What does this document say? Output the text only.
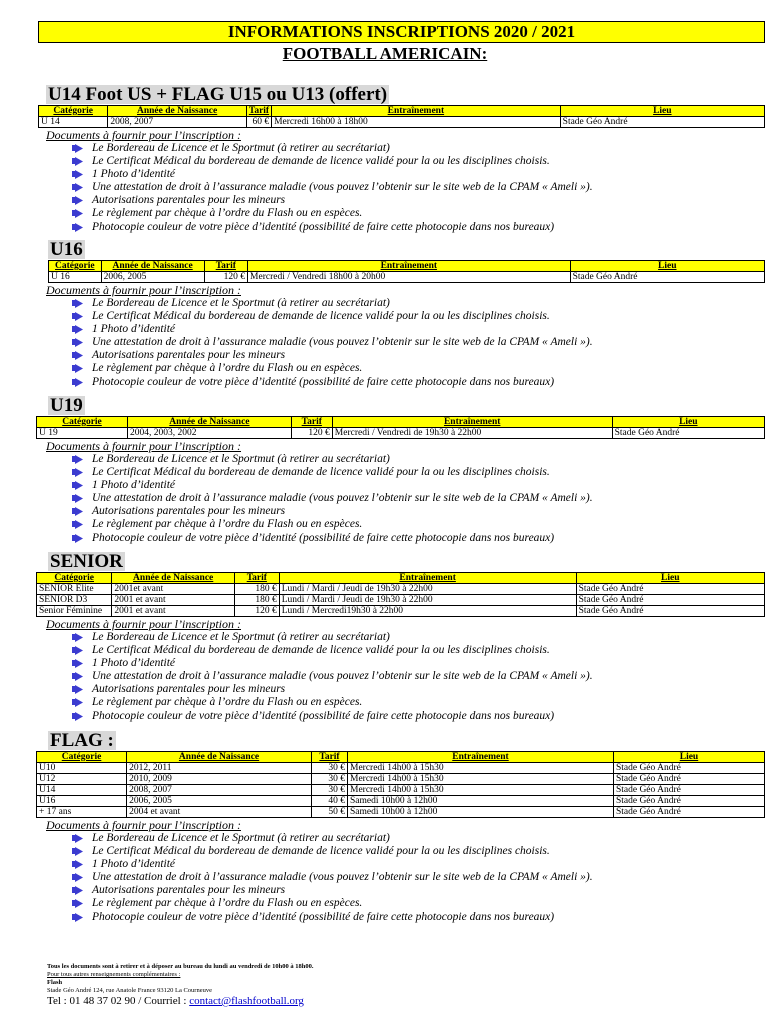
INFORMATIONS INSCRIPTIONS 2020 / 2021
FOOTBALL AMERICAIN:
U14 Foot US + FLAG U15 ou U13 (offert)
Catégorie	Année de Naissance	Tarif	Entraînement	Lieu
U 14	2008, 2007	60 €	Mercredi 16h00 à 18h00	Stade Géo André
Documents à fournir pour l’inscription :
Le Bordereau de Licence et le Sportmut (à retirer au secrétariat)
Le Certificat Médical du bordereau de demande de licence validé pour la ou les disciplines choisis.
1 Photo d’identité
Une attestation de droit à l’assurance maladie (vous pouvez l’obtenir sur le site web de la CPAM « Ameli »).
Autorisations parentales pour les mineurs
Le règlement par chèque à l’ordre du Flash ou en espèces.
Photocopie couleur de votre pièce d’identité (possibilité de faire cette photocopie dans nos bureaux)
U16
Catégorie	Année de Naissance	Tarif	Entraînement	Lieu
U 16	2006, 2005	120 €	Mercredi / Vendredi 18h00 à 20h00	Stade Géo André
Documents à fournir pour l’inscription :
Le Bordereau de Licence et le Sportmut (à retirer au secrétariat)
Le Certificat Médical du bordereau de demande de licence validé pour la ou les disciplines choisis.
1 Photo d’identité
Une attestation de droit à l’assurance maladie (vous pouvez l’obtenir sur le site web de la CPAM « Ameli »).
Autorisations parentales pour les mineurs
Le règlement par chèque à l’ordre du Flash ou en espèces.
Photocopie couleur de votre pièce d’identité (possibilité de faire cette photocopie dans nos bureaux)
U19
Catégorie	Année de Naissance	Tarif	Entraînement	Lieu
U 19	2004, 2003, 2002	120 €	Mercredi / Vendredi de 19h30 à 22h00	Stade Géo André
Documents à fournir pour l’inscription :
Le Bordereau de Licence et le Sportmut (à retirer au secrétariat)
Le Certificat Médical du bordereau de demande de licence validé pour la ou les disciplines choisis.
1 Photo d’identité
Une attestation de droit à l’assurance maladie (vous pouvez l’obtenir sur le site web de la CPAM « Ameli »).
Autorisations parentales pour les mineurs
Le règlement par chèque à l’ordre du Flash ou en espèces.
Photocopie couleur de votre pièce d’identité (possibilité de faire cette photocopie dans nos bureaux)
SENIOR
Catégorie	Année de Naissance	Tarif	Entraînement	Lieu
SENIOR Elite	2001et avant	180 €	Lundi / Mardi / Jeudi de 19h30 à 22h00	Stade Géo André
SENIOR D3	2001 et avant	180 €	Lundi / Mardi / Jeudi de 19h30 à 22h00	Stade Géo André
Senior Féminine	2001 et avant	120 €	Lundi / Mercredi19h30 à 22h00	Stade Géo André
Documents à fournir pour l’inscription :
Le Bordereau de Licence et le Sportmut (à retirer au secrétariat)
Le Certificat Médical du bordereau de demande de licence validé pour la ou les disciplines choisis.
1 Photo d’identité
Une attestation de droit à l’assurance maladie (vous pouvez l’obtenir sur le site web de la CPAM « Ameli »).
Autorisations parentales pour les mineurs
Le règlement par chèque à l’ordre du Flash ou en espèces.
Photocopie couleur de votre pièce d’identité (possibilité de faire cette photocopie dans nos bureaux)
FLAG :
Catégorie	Année de Naissance	Tarif	Entraînement	Lieu
U10	2012, 2011	30 €	Mercredi 14h00 à 15h30	Stade Géo André
U12	2010, 2009	30 €	Mercredi 14h00 à 15h30	Stade Géo André
U14	2008, 2007	30 €	Mercredi 14h00 à 15h30	Stade Géo André
U16	2006, 2005	40 €	Samedi 10h00 à 12h00	Stade Géo André
+ 17 ans	2004 et avant	50 €	Samedi 10h00 à 12h00	Stade Géo André
Documents à fournir pour l’inscription :
Le Bordereau de Licence et le Sportmut (à retirer au secrétariat)
Le Certificat Médical du bordereau de demande de licence validé pour la ou les disciplines choisis.
1 Photo d’identité
Une attestation de droit à l’assurance maladie (vous pouvez l’obtenir sur le site web de la CPAM « Ameli »).
Autorisations parentales pour les mineurs
Le règlement par chèque à l’ordre du Flash ou en espèces.
Photocopie couleur de votre pièce d’identité (possibilité de faire cette photocopie dans nos bureaux)
Tous les documents sont à retirer et à déposer au bureau du lundi au vendredi de 10h00 à 18h00.
Pour tous autres renseignements complémentaires :
Flash
Stade Géo André 124, rue Anatole France 93120 La Courneuve
Tel : 01 48 37 02 90 / Courriel : contact@flashfootball.org
